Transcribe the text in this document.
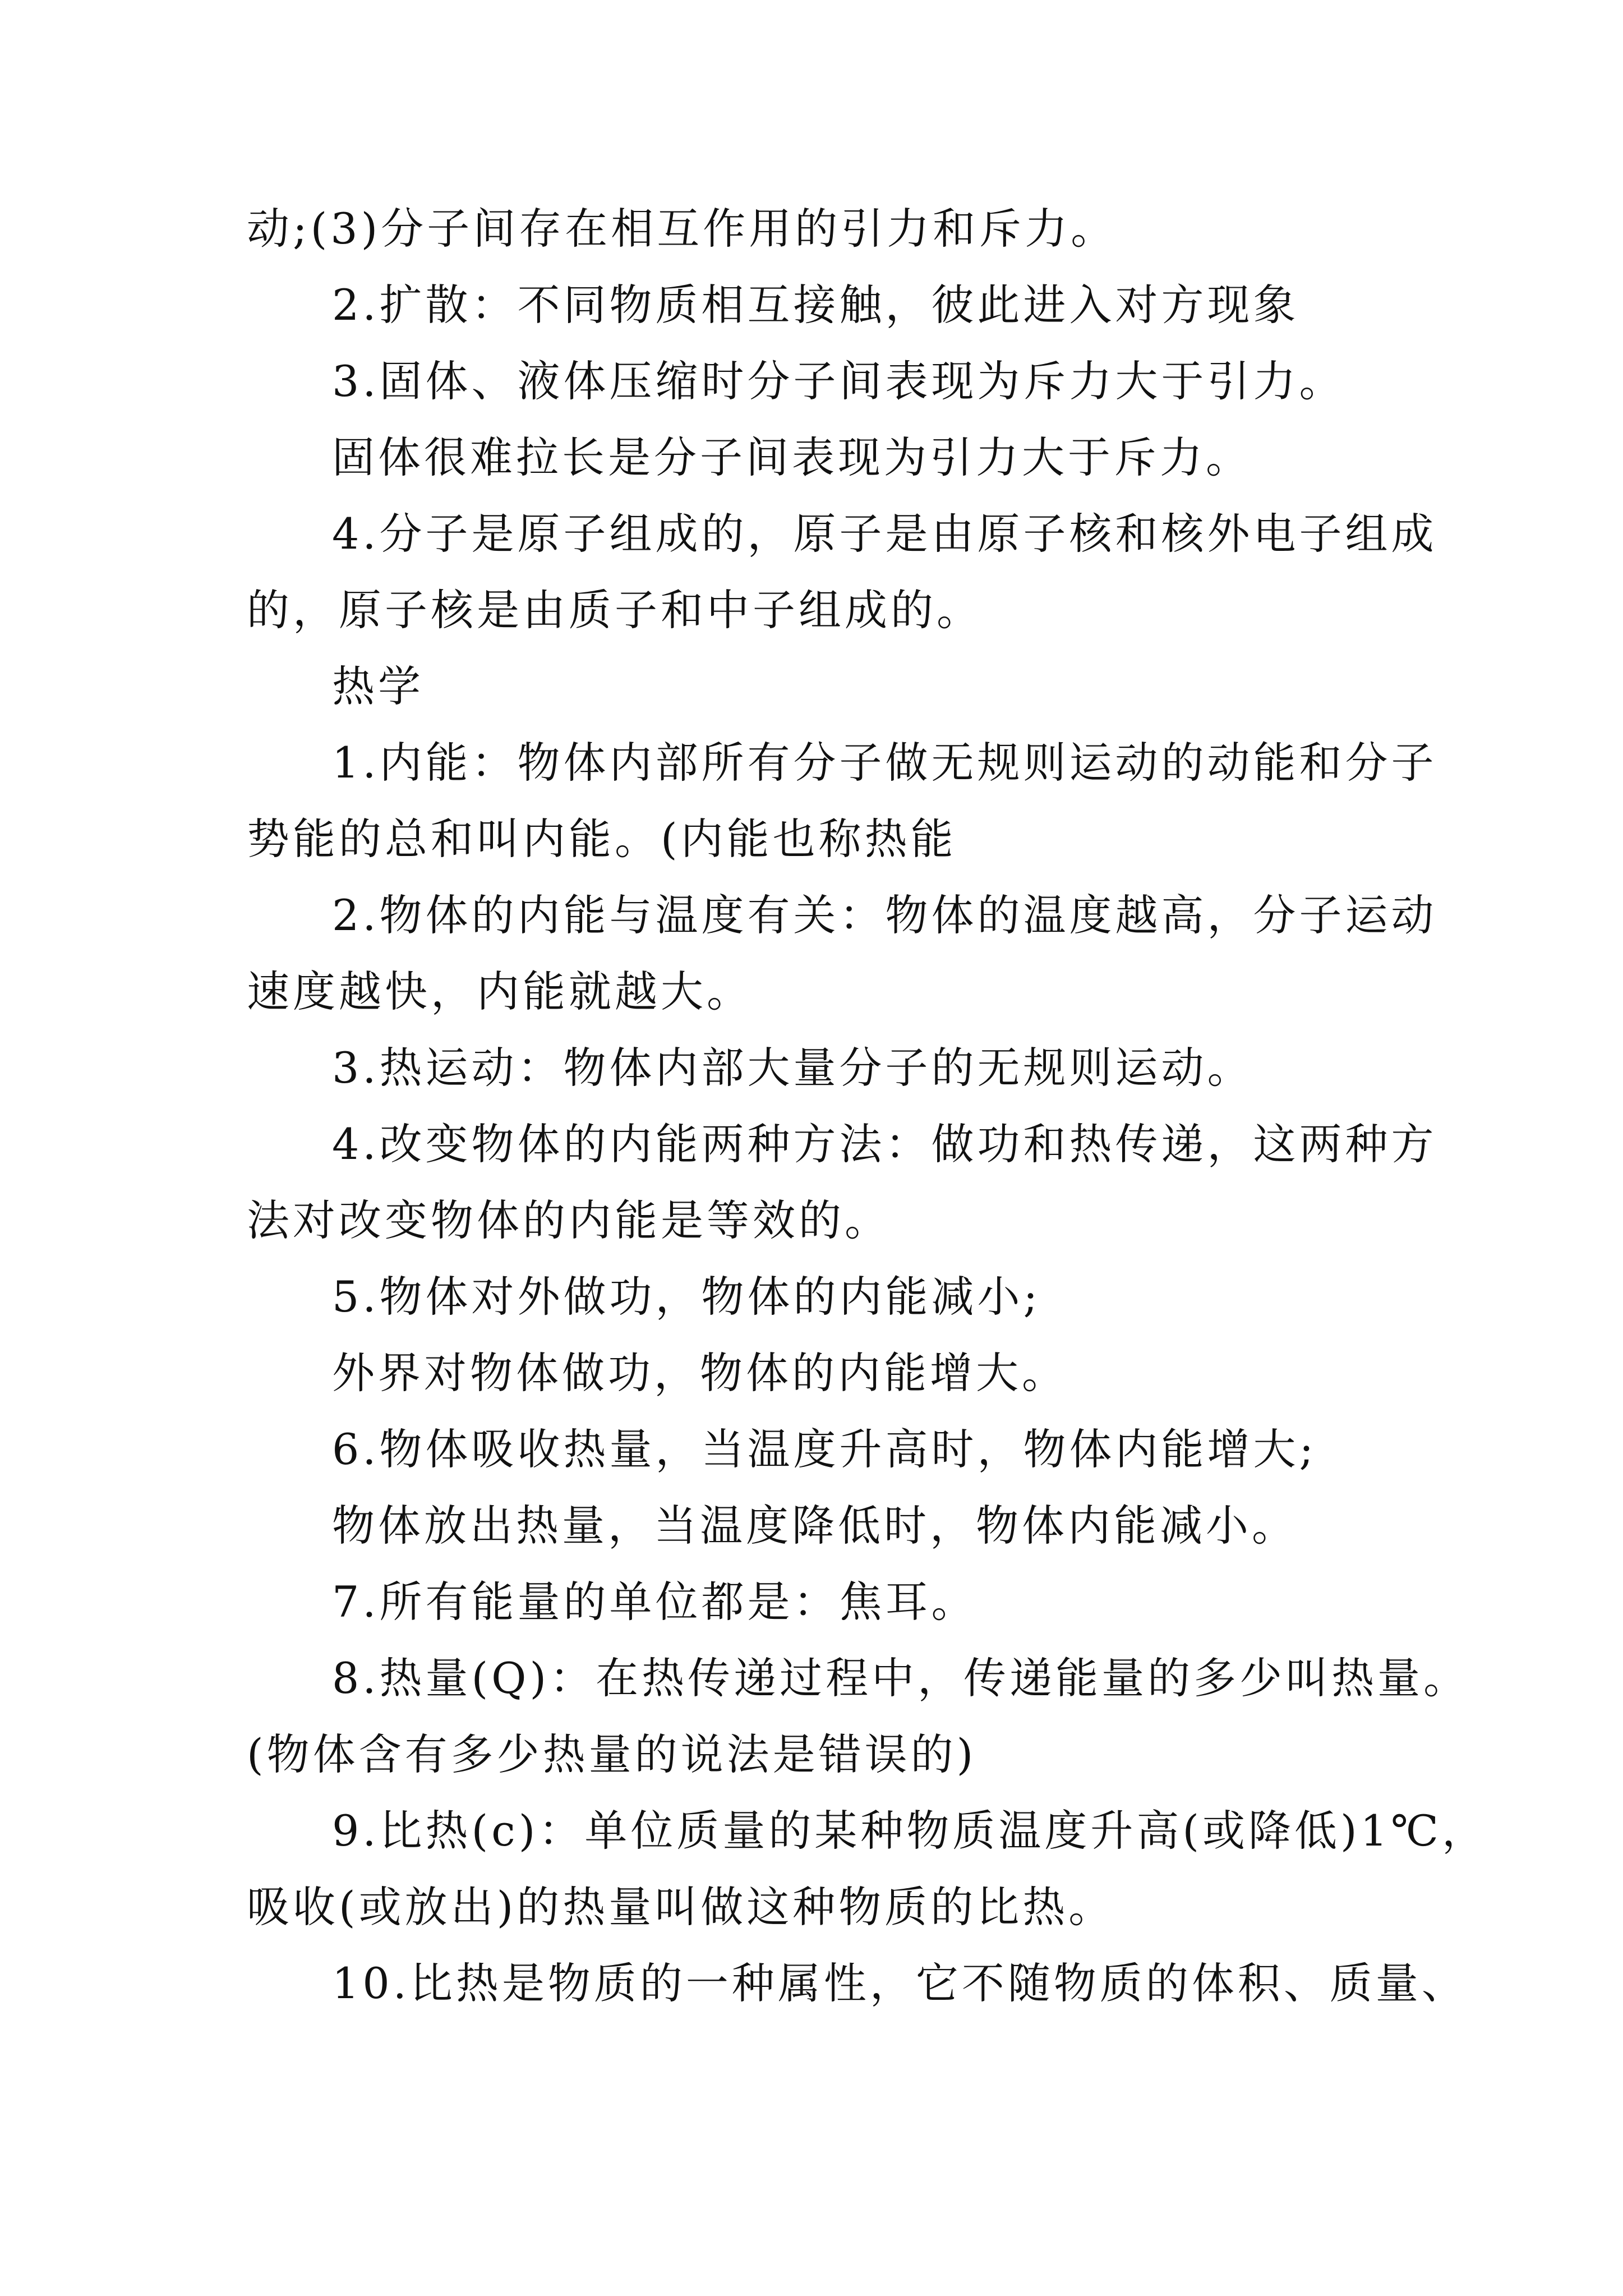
动;(3)分子间存在相互作用的引力和斥力。
2.扩散：不同物质相互接触，彼此进入对方现象
3.固体、液体压缩时分子间表现为斥力大于引力。
固体很难拉长是分子间表现为引力大于斥力。
4.分子是原子组成的，原子是由原子核和核外电子组成
的，原子核是由质子和中子组成的。
热学
1.内能：物体内部所有分子做无规则运动的动能和分子
势能的总和叫内能。(内能也称热能
2.物体的内能与温度有关：物体的温度越高，分子运动
速度越快，内能就越大。
3.热运动：物体内部大量分子的无规则运动。
4.改变物体的内能两种方法：做功和热传递，这两种方
法对改变物体的内能是等效的。
5.物体对外做功，物体的内能减小;
外界对物体做功，物体的内能增大。
6.物体吸收热量，当温度升高时，物体内能增大;
物体放出热量，当温度降低时，物体内能减小。
7.所有能量的单位都是：焦耳。
8.热量(Q)：在热传递过程中，传递能量的多少叫热量。
(物体含有多少热量的说法是错误的)
9.比热(c)：单位质量的某种物质温度升高(或降低)1℃，
吸收(或放出)的热量叫做这种物质的比热。
10.比热是物质的一种属性，它不随物质的体积、质量、
